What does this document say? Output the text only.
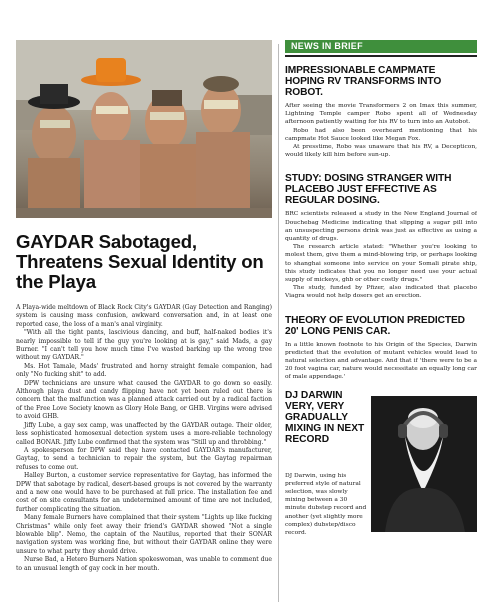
GAYDAR Sabotaged, Threatens Sexual Identity on the Playa

A Playa-wide meltdown of Black Rock City's GAYDAR (Gay Detection and Ranging) system is causing mass confusion, awkward conversation and, in at least one reported case, the loss of a man's anal virginity.

"With all the tight pants, lascivious dancing, and buff, half-naked bodies it's nearly impossible to tell if the guy you're looking at is gay," said Mads, a gay Burner. "I can't tell you how much time I've wasted barking up the wrong tree without my GAYDAR."

Ms. Hot Tamale, Mads' frustrated and horny straight female companion, had only "No fucking shit" to add.

DPW technicians are unsure what caused the GAYDAR to go down so easily. Although playa dust and candy flipping have not yet been ruled out there is concern that the malfunction was a planned attack carried out by a radical faction of the Free Love Society known as Glory Hole Bang, or GHB. Virgins were advised to avoid GHB.

Jiffy Lube, a gay sex camp, was unaffected by the GAYDAR outage. Their older, less sophisticated homosexual detection system uses a more-reliable technology called BONAR. Jiffy Lube confirmed that the system was "Still up and throbbing."

A spokesperson for DPW said they have contacted GAYDAR's manufacturer, Gaytag, to send a technician to repair the system, but the Gaytag repairman refuses to come out.

Halley Burton, a customer service representative for Gaytag, has informed the DPW that sabotage by radical, desert-based groups is not covered by the warranty and a new one would have to be purchased at full price. The installation fee and cost of on site consultants for an undetermined amount of time are not included, further complicating the situation.

Many female Burners have complained that their system "Lights up like fucking Christmas" while only feet away their friend's GAYDAR showed "Not a single blowable blip". Nemo, the captain of the Nautilus, reported that their SONAR navigation system was working fine, but without their GAYDAR online they were unsure to what party they should drive.

Nurse Bad, a Hetero Burners Nation spokeswoman, was unable to comment due to an unusual length of gay cock in her mouth.

NEWS IN BRIEF
IMPRESSIONABLE CAMPMATE HOPING RV TRANSFORMS INTO ROBOT.

After seeing the movie Transformers 2 on Imax this summer, Lightning Temple camper Robo spent all of Wednesday afternoon patiently waiting for his RV to turn into an Autobot.

Robo had also been overheard mentioning that his campmate Hot Sauce looked like Megan Fox.

At presstime, Robo was unaware that his RV, a Decepticon, would likely kill him before sun-up.

STUDY: DOSING STRANGER WITH PLACEBO JUST EFFECTIVE AS REGULAR DOSING.

BRC scientists released a study in the New England Journal of Douchebag Medicine indicating that slipping a sugar pill into an unsuspecting persons drink was just as effective as using a quantity of drugs.

The research article stated: "Whether you're looking to molest them, give them a mind-blowing trip, or perhaps looking to shanghai someone into service on your Somali pirate ship, this study indicates that you no longer need use your actual supply of mickeys, ghb or other costly drugs."

The study, funded by Pfizer, also indicated that placebo Viagra would not help dosers get an erection.

THEORY OF EVOLUTION PREDICTED 20' LONG PENIS CAR.

In a little known footnote to his Origin of the Species, Darwin predicted that the evolution of mutant vehicles would lead to natural selection and advantage. And that if 'there were to be a 20 foot vagina car, nature would necessitate an equally long car of male appendage.'

DJ DARWIN VERY, VERY GRADUALLY MIXING IN NEXT RECORD

DJ Darwin, using his preferred style of natural selection, was slowly mixing between a 30 minute dubstep record and another (yet slightly more complex) dubstep/disco record.
